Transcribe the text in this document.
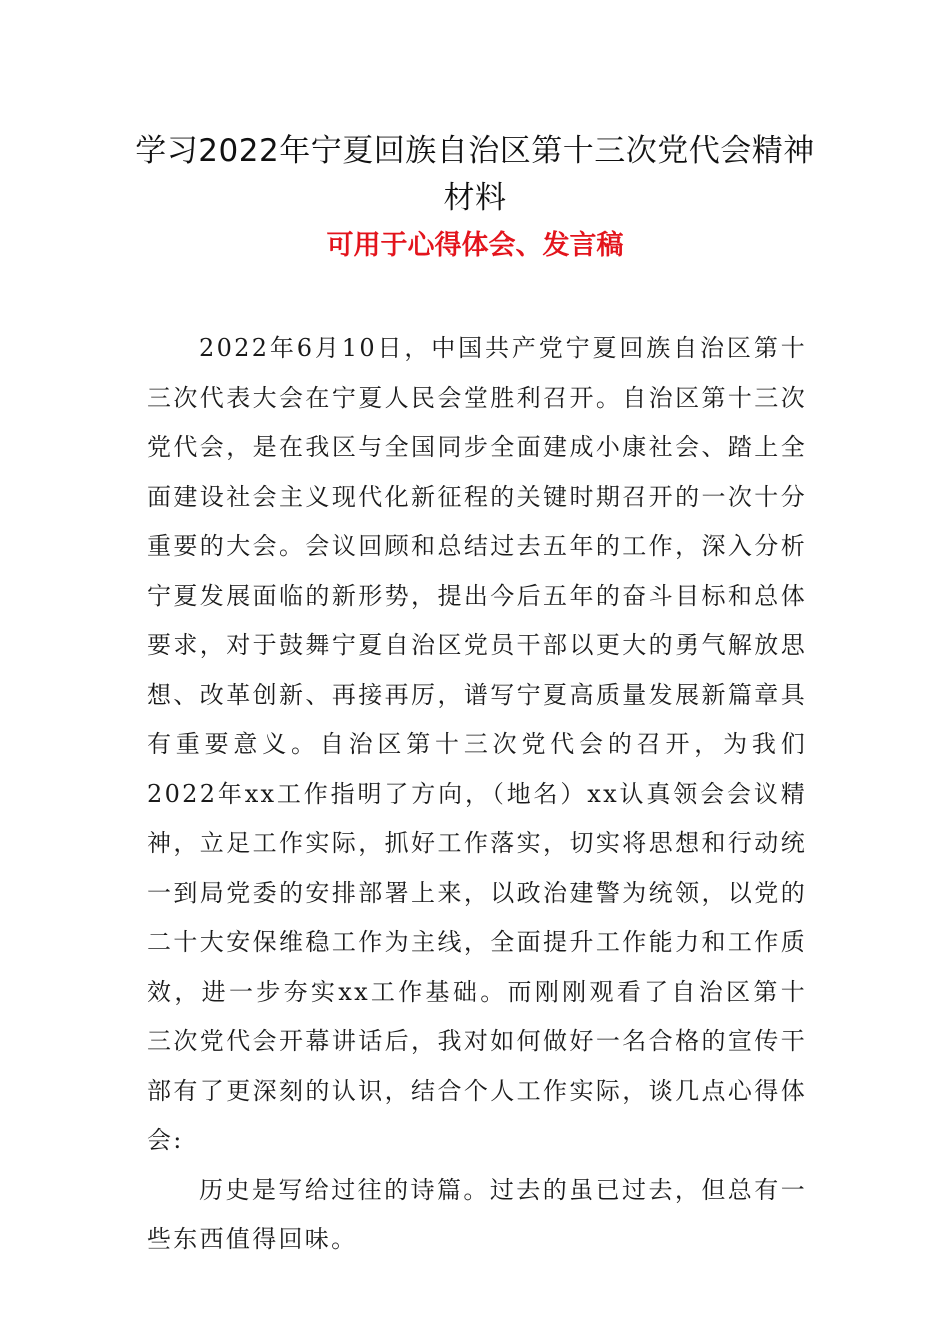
学习2022年宁夏回族自治区第十三次党代会精神材料
可用于心得体会、发言稿

2022年6月10日，中国共产党宁夏回族自治区第十三次代表大会在宁夏人民会堂胜利召开。自治区第十三次党代会，是在我区与全国同步全面建成小康社会、踏上全面建设社会主义现代化新征程的关键时期召开的一次十分重要的大会。会议回顾和总结过去五年的工作，深入分析宁夏发展面临的新形势，提出今后五年的奋斗目标和总体要求，对于鼓舞宁夏自治区党员干部以更大的勇气解放思想、改革创新、再接再厉，谱写宁夏高质量发展新篇章具有重要意义。自治区第十三次党代会的召开，为我们2022年xx工作指明了方向，（地名）xx认真领会会议精神，立足工作实际，抓好工作落实，切实将思想和行动统一到局党委的安排部署上来，以政治建警为统领，以党的二十大安保维稳工作为主线，全面提升工作能力和工作质效，进一步夯实xx工作基础。而刚刚观看了自治区第十三次党代会开幕讲话后，我对如何做好一名合格的宣传干部有了更深刻的认识，结合个人工作实际，谈几点心得体会:

历史是写给过往的诗篇。过去的虽已过去，但总有一些东西值得回味。
